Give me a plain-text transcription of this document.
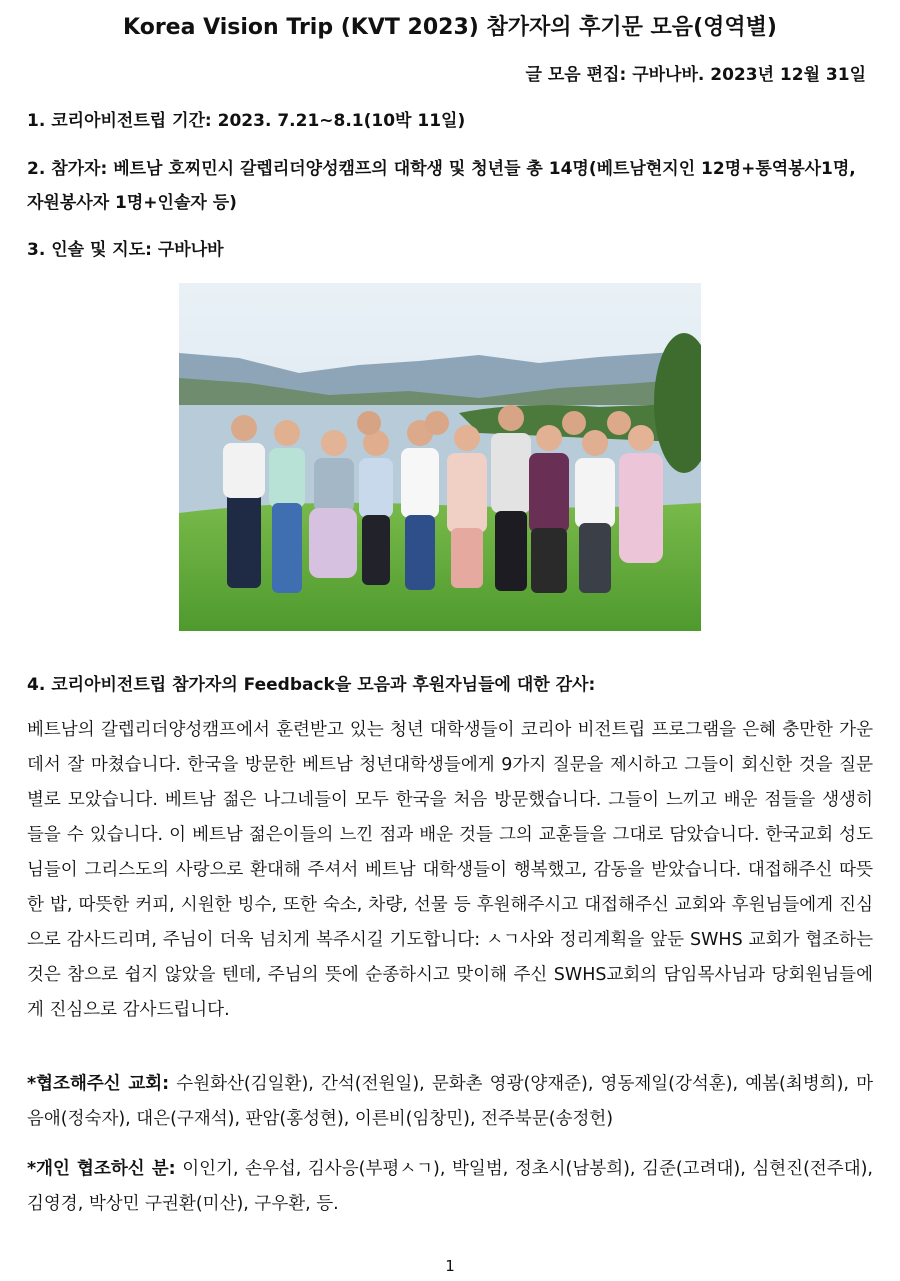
Korea Vision Trip (KVT 2023) 참가자의 후기문 모음(영역별)
글 모음 편집: 구바나바. 2023년 12월 31일
1. 코리아비전트립 기간: 2023. 7.21~8.1(10박 11일)
2. 참가자: 베트남 호찌민시 갈렙리더양성캠프의 대학생 및 청년들 총 14명(베트남현지인 12명+통역봉사1명, 자원봉사자 1명+인솔자 등)
3. 인솔 및 지도: 구바나바
4. 코리아비전트립 참가자의 Feedback을 모음과 후원자님들에 대한 감사:

베트남의 갈렙리더양성캠프에서 훈련받고 있는 청년 대학생들이 코리아 비전트립 프로그램을 은혜 충만한 가운데서 잘 마쳤습니다. 한국을 방문한 베트남 청년대학생들에게 9가지 질문을 제시하고 그들이 회신한 것을 질문별로 모았습니다. 베트남 젊은 나그네들이 모두 한국을 처음 방문했습니다. 그들이 느끼고 배운 점들을 생생히 들을 수 있습니다. 이 베트남 젊은이들의 느낀 점과 배운 것들 그의 교훈들을 그대로 담았습니다. 한국교회 성도님들이 그리스도의 사랑으로 환대해 주셔서 베트남 대학생들이 행복했고, 감동을 받았습니다. 대접해주신 따뜻한 밥, 따뜻한 커피, 시원한 빙수, 또한 숙소, 차량, 선물 등 후원해주시고 대접해주신 교회와 후원님들에게 진심으로 감사드리며, 주님이 더욱 넘치게 복주시길 기도합니다: ㅅㄱ사와 정리계획을 앞둔 SWHS 교회가 협조하는 것은 참으로 쉽지 않았을 텐데, 주님의 뜻에 순종하시고 맞이해 주신 SWHS교회의 담임목사님과 당회원님들에게 진심으로 감사드립니다.

*협조해주신 교회: 수원화산(김일환), 간석(전원일), 문화촌 영광(양재준), 영동제일(강석훈), 예봄(최병희), 마음애(정숙자), 대은(구재석), 판암(홍성현), 이른비(임창민), 전주북문(송정헌)

*개인 협조하신 분: 이인기, 손우섭, 김사응(부평ㅅㄱ), 박일범, 정초시(남봉희), 김준(고려대), 심현진(전주대), 김영경, 박상민 구권환(미산), 구우환, 등.

1
